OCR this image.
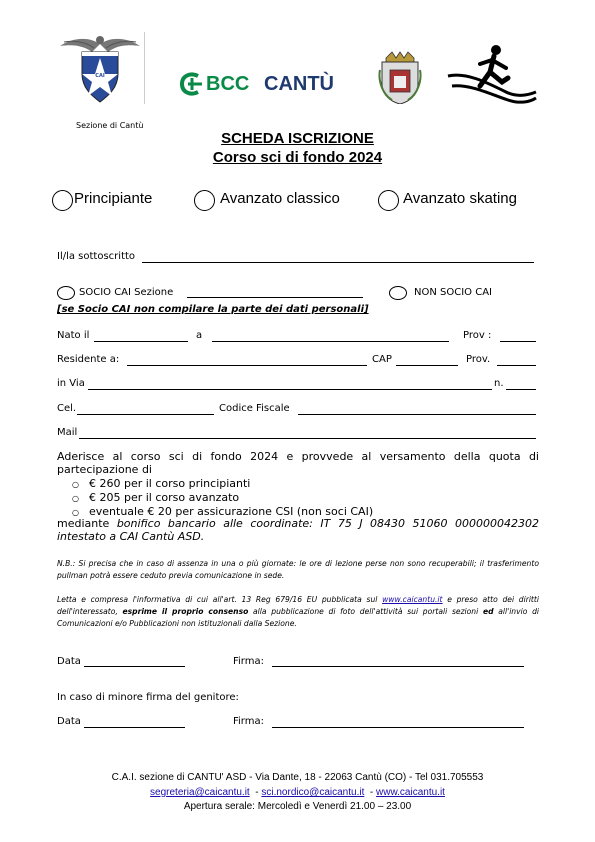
CAI
Sezione di Cantù
BCC CANTÙ
SCHEDA ISCRIZIONE
Corso sci di fondo 2024
Principiante	Avanzato classico	Avanzato skating
Il/la sottoscritto
SOCIO CAI Sezione	NON SOCIO CAI
[se Socio CAI non compilare la parte dei dati personali]
Nato il	a	Prov :
Residente a:	CAP	Prov.
in Via	n.
Cel.	Codice Fiscale
Mail
Aderisce al corso sci di fondo 2024 e provvede al versamento della quota di partecipazione di
○ € 260 per il corso principianti
○ € 205 per il corso avanzato
○ eventuale € 20 per assicurazione CSI (non soci CAI)
mediante bonifico bancario alle coordinate: IT 75 J 08430 51060 000000042302 intestato a CAI Cantù ASD.
N.B.: Si precisa che in caso di assenza in una o più giornate: le ore di lezione perse non sono recuperabili; il trasferimento pullman potrà essere ceduto previa comunicazione in sede.
Letta e compresa l'informativa di cui all'art. 13 Reg 679/16 EU pubblicata sul www.caicantu.it e preso atto dei diritti dell'interessato, esprime il proprio consenso alla pubblicazione di foto dell'attività sui portali sezioni ed all'invio di Comunicazioni e/o Pubblicazioni non istituzionali dalla Sezione.
Data	Firma:
In caso di minore firma del genitore:
Data	Firma:
C.A.I. sezione di CANTU' ASD - Via Dante, 18 - 22063 Cantù (CO) - Tel 031.705553
segreteria@caicantu.it  - sci.nordico@caicantu.it  - www.caicantu.it
Apertura serale: Mercoledì e Venerdì 21.00 – 23.00
